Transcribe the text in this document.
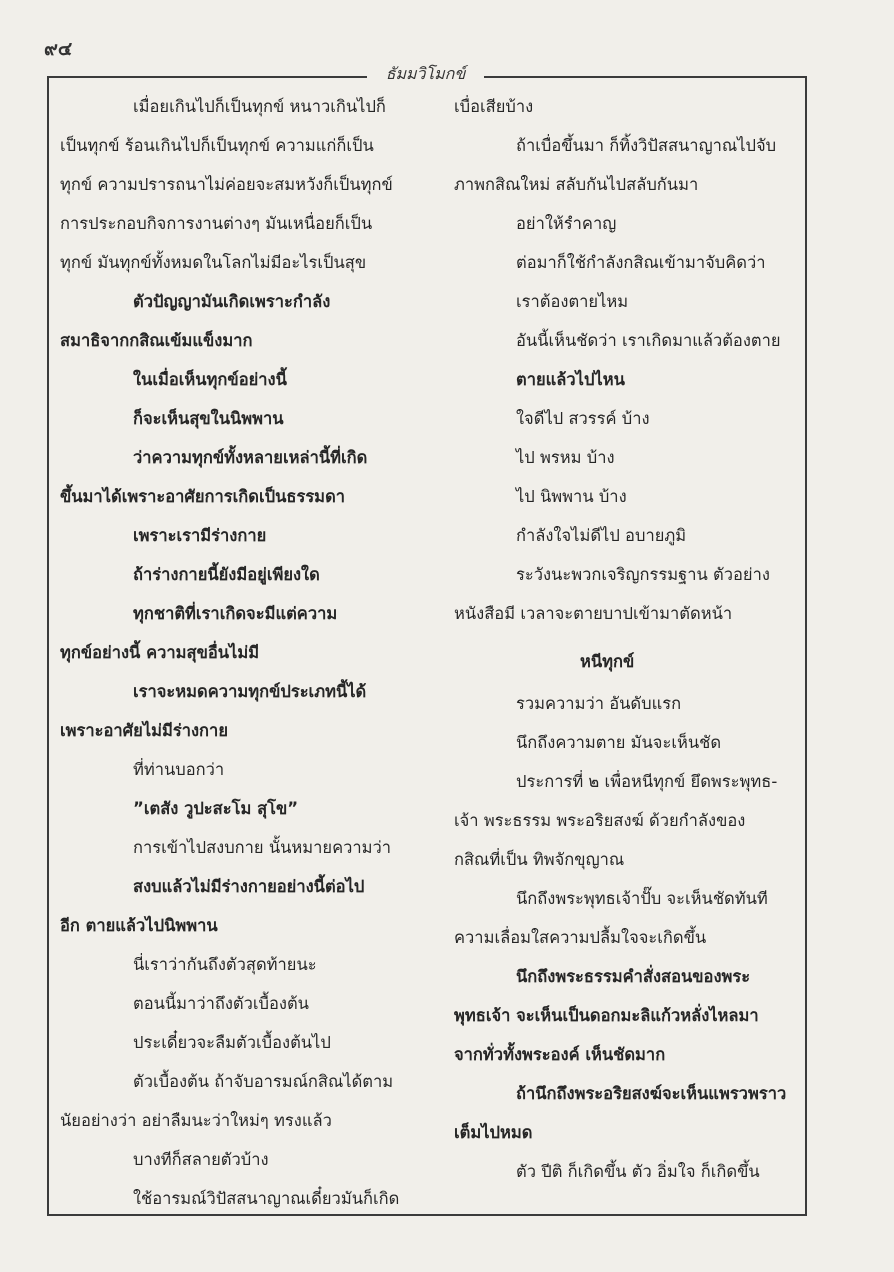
๙๔
ธัมมวิโมกข์
เมื่อยเกินไปก็เป็นทุกข์ หนาวเกินไปก็
เป็นทุกข์ ร้อนเกินไปก็เป็นทุกข์ ความแก่ก็เป็น
ทุกข์ ความปรารถนาไม่ค่อยจะสมหวังก็เป็นทุกข์
การประกอบกิจการงานต่างๆ มันเหนื่อยก็เป็น
ทุกข์ มันทุกข์ทั้งหมดในโลกไม่มีอะไรเป็นสุข
ตัวปัญญามันเกิดเพราะกำลัง
สมาธิจากกสิณเข้มแข็งมาก
ในเมื่อเห็นทุกข์อย่างนี้
ก็จะเห็นสุขในนิพพาน
ว่าความทุกข์ทั้งหลายเหล่านี้ที่เกิด
ขึ้นมาได้เพราะอาศัยการเกิดเป็นธรรมดา
เพราะเรามีร่างกาย
ถ้าร่างกายนี้ยังมีอยู่เพียงใด
ทุกชาติที่เราเกิดจะมีแต่ความ
ทุกข์อย่างนี้ ความสุขอื่นไม่มี
เราจะหมดความทุกข์ประเภทนี้ได้
เพราะอาศัยไม่มีร่างกาย
ที่ท่านบอกว่า
”เตสัง วูปะสะโม สุโข”
การเข้าไปสงบกาย นั้นหมายความว่า
สงบแล้วไม่มีร่างกายอย่างนี้ต่อไป
อีก ตายแล้วไปนิพพาน
นี่เราว่ากันถึงตัวสุดท้ายนะ
ตอนนี้มาว่าถึงตัวเบื้องต้น
ประเดี๋ยวจะลืมตัวเบื้องต้นไป
ตัวเบื้องต้น ถ้าจับอารมณ์กสิณได้ตาม
นัยอย่างว่า อย่าลืมนะว่าใหม่ๆ ทรงแล้ว
บางทีก็สลายตัวบ้าง
ใช้อารมณ์วิปัสสนาญาณเดี๋ยวมันก็เกิด
เบื่อเสียบ้าง
ถ้าเบื่อขึ้นมา ก็ทิ้งวิปัสสนาญาณไปจับ
ภาพกสิณใหม่ สลับกันไปสลับกันมา
อย่าให้รำคาญ
ต่อมาก็ใช้กำลังกสิณเข้ามาจับคิดว่า
เราต้องตายไหม
อันนี้เห็นชัดว่า เราเกิดมาแล้วต้องตาย
ตายแล้วไปไหน
ใจดีไป สวรรค์ บ้าง
ไป พรหม บ้าง
ไป นิพพาน บ้าง
กำลังใจไม่ดีไป อบายภูมิ
ระวังนะพวกเจริญกรรมฐาน ตัวอย่าง
หนังสือมี เวลาจะตายบาปเข้ามาตัดหน้า
หนีทุกข์
รวมความว่า อันดับแรก
นึกถึงความตาย มันจะเห็นชัด
ประการที่ ๒ เพื่อหนีทุกข์ ยึดพระพุทธ-
เจ้า พระธรรม พระอริยสงฆ์ ด้วยกำลังของ
กสิณที่เป็น ทิพจักขุญาณ
นึกถึงพระพุทธเจ้าปั๊บ จะเห็นชัดทันที
ความเลื่อมใสความปลื้มใจจะเกิดขึ้น
นึกถึงพระธรรมคำสั่งสอนของพระ
พุทธเจ้า จะเห็นเป็นดอกมะลิแก้วหลั่งไหลมา
จากทั่วทั้งพระองค์ เห็นชัดมาก
ถ้านึกถึงพระอริยสงฆ์จะเห็นแพรวพราว
เต็มไปหมด
ตัว ปีติ ก็เกิดขึ้น ตัว อิ่มใจ ก็เกิดขึ้น
